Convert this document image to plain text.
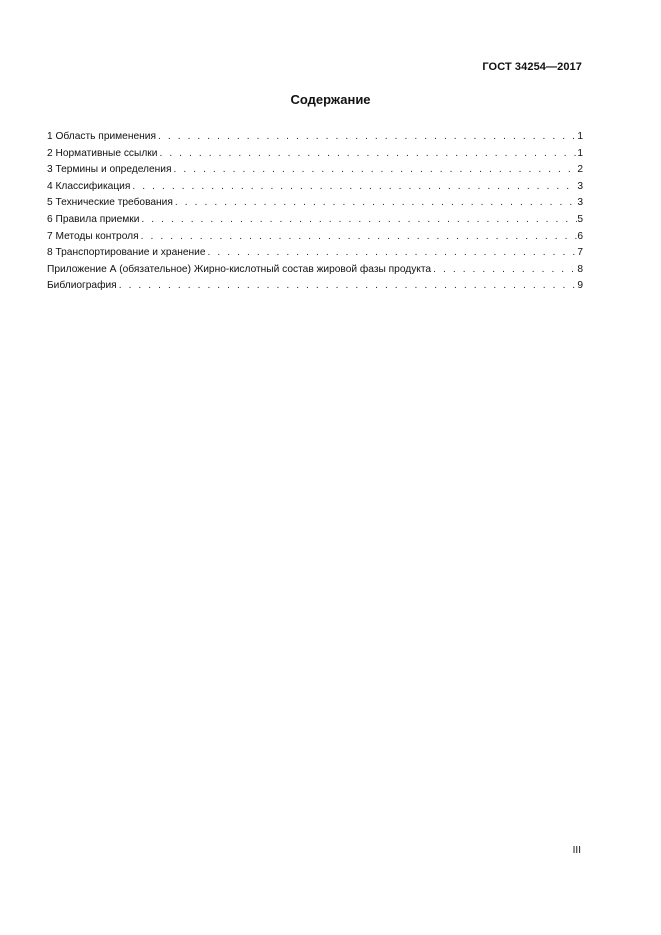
ГОСТ 34254—2017
Содержание
1 Область применения . . .	1
2 Нормативные ссылки . . .	1
3 Термины и определения . . .	2
4 Классификация . . .	3
5 Технические требования . . .	3
6 Правила приемки . . .	5
7 Методы контроля . . .	6
8 Транспортирование и хранение . . .	7
Приложение А (обязательное) Жирно-кислотный состав жировой фазы продукта . . .	8
Библиография . . .	9
III
